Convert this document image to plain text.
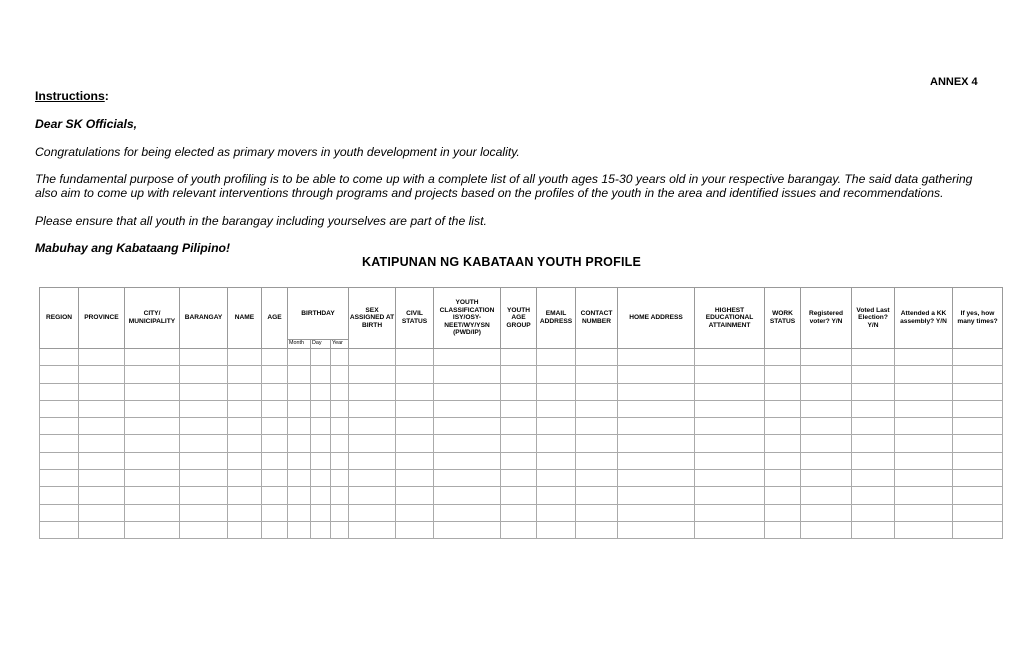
ANNEX 4
Instructions:
Dear SK Officials,
Congratulations for being elected as primary movers in youth development in your locality.
The fundamental purpose of youth profiling is to be able to come up with a complete list of all youth ages 15-30 years old in your respective barangay. The said data gathering
also aim to come up with relevant interventions through programs and projects based on the profiles of the youth in the area and identified issues and recommendations.
Please ensure that all youth in the barangay including yourselves are part of the list.
Mabuhay ang Kabataang Pilipino!
KATIPUNAN NG KABATAAN YOUTH PROFILE
REGION	PROVINCE	CITY/ MUNICIPALITY	BARANGAY	NAME	AGE	BIRTHDAY			SEX ASSIGNED AT BIRTH	CIVIL STATUS	YOUTH CLASSIFICATION ISY/OSY- NEET/WY/YSN (PWD/IP)	YOUTH AGE GROUP	EMAIL ADDRESS	CONTACT NUMBER	HOME ADDRESS	HIGHEST EDUCATIONAL ATTAINMENT	WORK STATUS	Registered voter? Y/N	Voted Last Election? Y/N	Attended a KK assembly? Y/N	If yes, how many times?
						Month	Day	Year													
